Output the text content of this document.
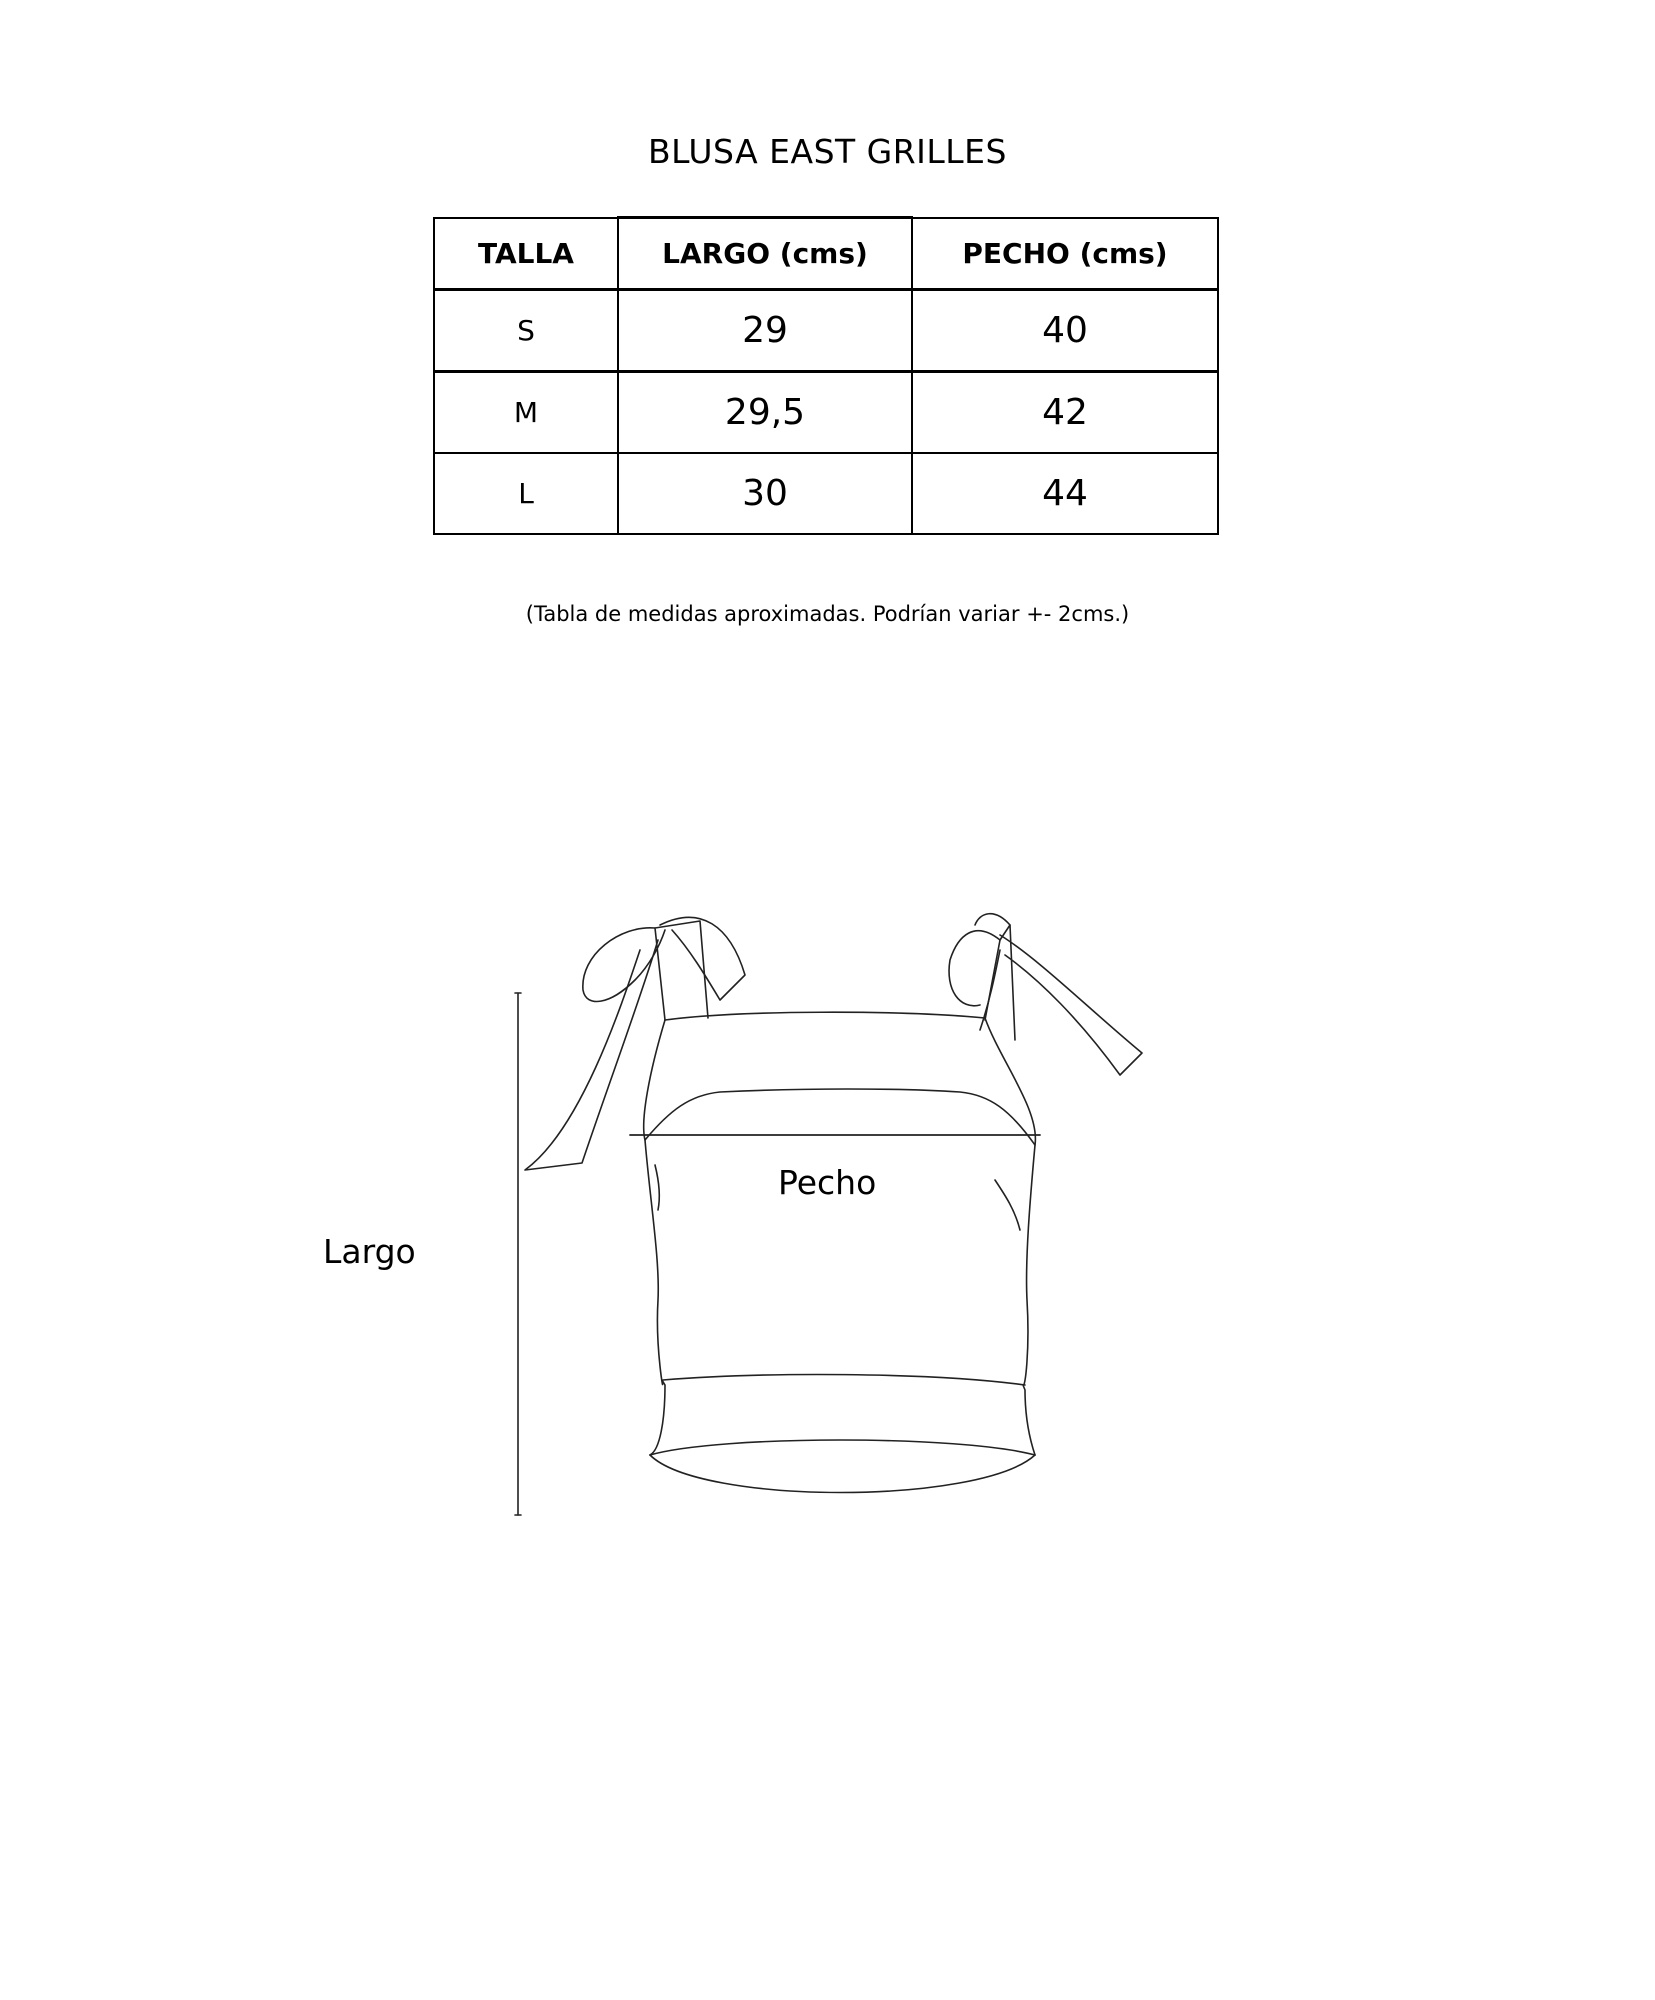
BLUSA EAST GRILLES
TALLA	LARGO (cms)	PECHO (cms)
S	29	40
M	29,5	42
L	30	44
(Tabla de medidas aproximadas. Podrían variar +- 2cms.)
Largo
Pecho
